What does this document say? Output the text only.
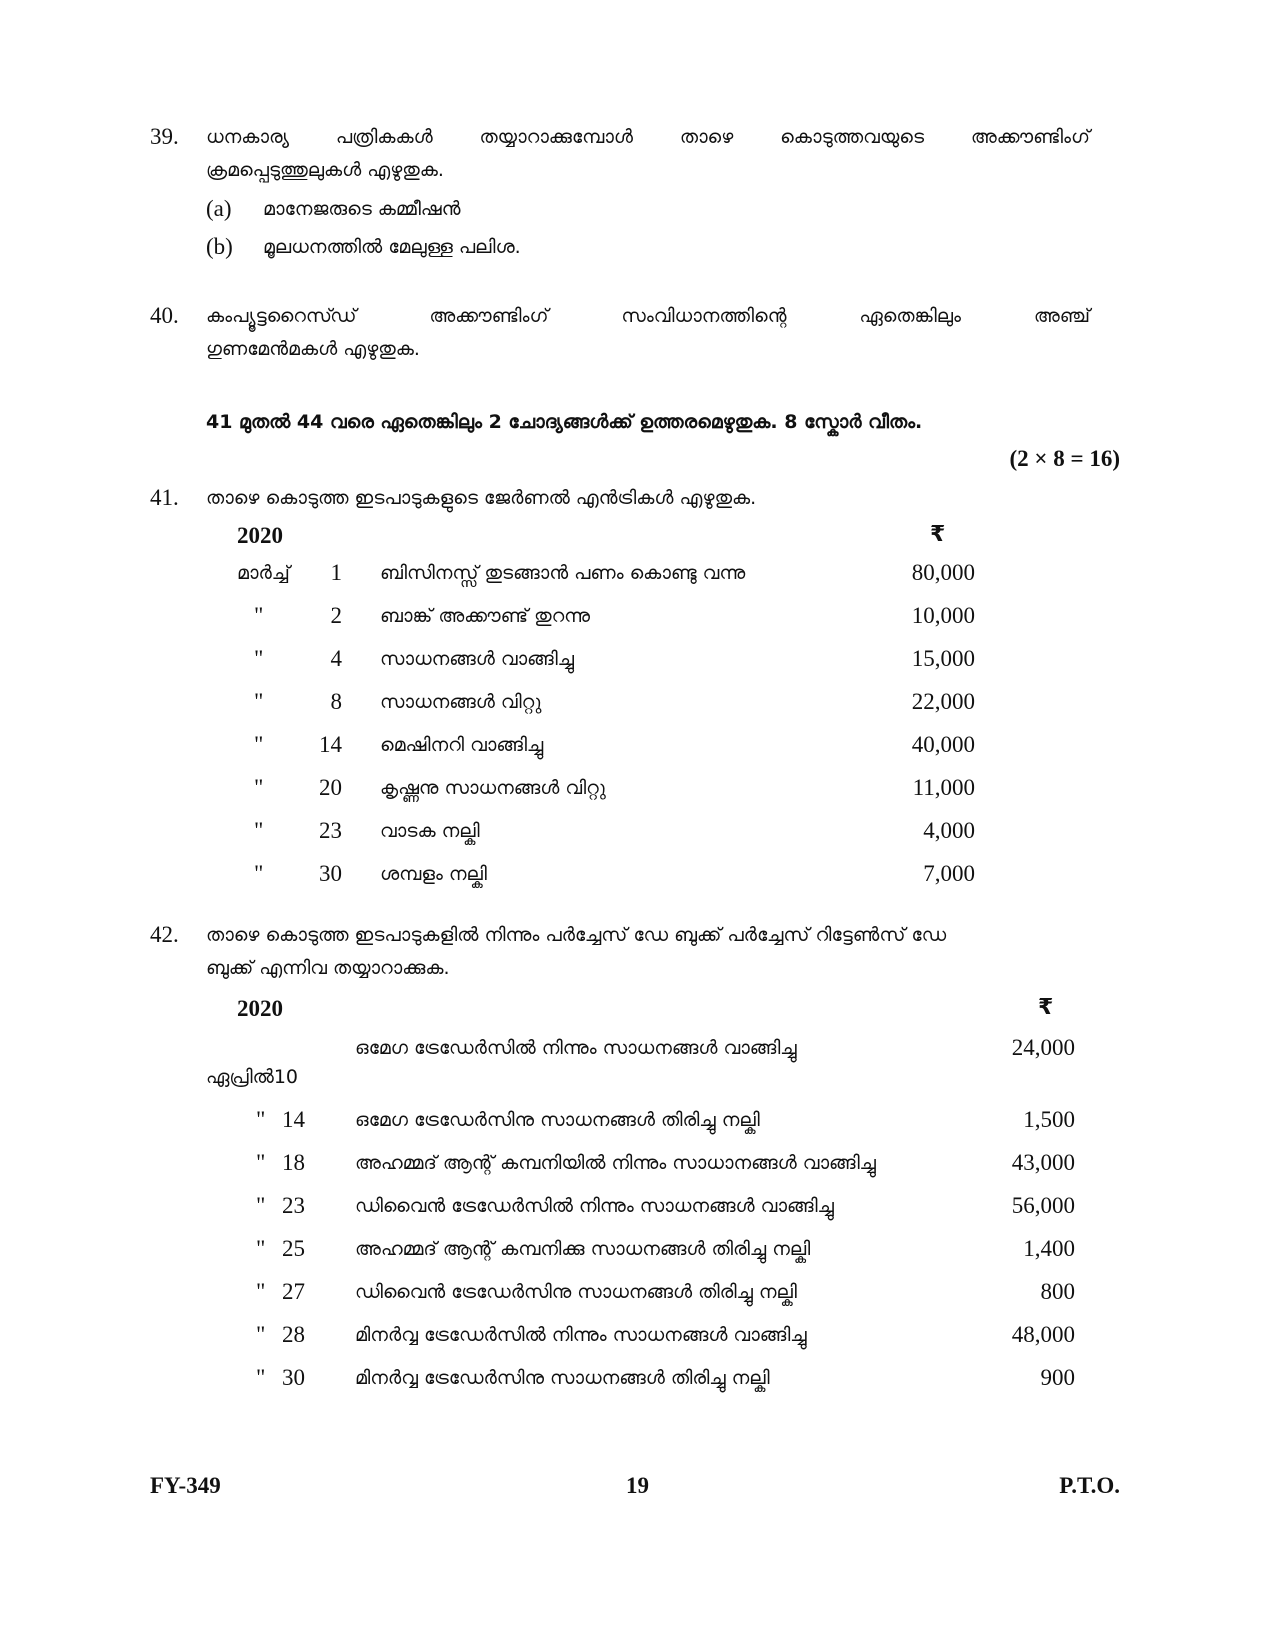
39. ധനകാര്യ പത്രികകൾ തയ്യാറാക്കുമ്പോൾ താഴെ കൊടുത്തവയുടെ അക്കൗണ്ടിംഗ്
ക്രമപ്പെടുത്തുലുകൾ എഴുതുക.
(a) മാനേജരുടെ കമ്മീഷൻ
(b) മൂലധനത്തിൽ മേലുള്ള പലിശ.
40. കംപ്യൂട്ടറൈസ്ഡ്	അക്കൗണ്ടിംഗ്	സംവിധാനത്തിന്റെ	ഏതെങ്കിലും	അഞ്ച്
ഗുണമേൻമകൾ എഴുതുക.
41 മുതൽ 44 വരെ ഏതെങ്കിലും 2 ചോദ്യങ്ങൾക്ക് ഉത്തരമെഴുതുക. 8 സ്കോർ വീതം.
(2 × 8 = 16)
41. താഴെ കൊടുത്ത ഇടപാടുകളുടെ ജേർണൽ എൻട്രികൾ എഴുതുക.
2020	₹
മാർച്ച്	1 ബിസിനസ്സ് തുടങ്ങാൻ പണം കൊണ്ടു വന്നു	80,000
"	2 ബാങ്ക് അക്കൗണ്ട് തുറന്നു	10,000
"	4 സാധനങ്ങൾ വാങ്ങിച്ചു	15,000
"	8 സാധനങ്ങൾ വിറ്റു	22,000
"	14 മെഷിനറി വാങ്ങിച്ചു	40,000
"	20 കൃഷ്ണനു സാധനങ്ങൾ വിറ്റു	11,000
"	23 വാടക നല്കി	4,000
"	30 ശമ്പളം നല്കി	7,000
42. താഴെ കൊടുത്ത ഇടപാടുകളിൽ നിന്നും പർച്ചേസ് ഡേ ബുക്ക് പർച്ചേസ് റിട്ടേൺസ് ഡേ
ബുക്ക് എന്നിവ തയ്യാറാക്കുക.
2020	₹
ഒമേഗ ട്രേഡേർസിൽ നിന്നും സാധനങ്ങൾ വാങ്ങിച്ചു	24,000
ഏപ്രിൽ10
" 14	ഒമേഗ ട്രേഡേർസിനു സാധനങ്ങൾ തിരിച്ചു നല്കി	1,500
" 18	അഹമ്മദ് ആന്റ് കമ്പനിയിൽ നിന്നും സാധാനങ്ങൾ വാങ്ങിച്ചു	43,000
" 23	ഡിവൈൻ ട്രേഡേർസിൽ നിന്നും സാധനങ്ങൾ വാങ്ങിച്ചു	56,000
" 25	അഹമ്മദ് ആന്റ് കമ്പനിക്കു സാധനങ്ങൾ തിരിച്ചു നല്കി	1,400
" 27	ഡിവൈൻ ട്രേഡേർസിനു സാധനങ്ങൾ തിരിച്ചു നല്കി	800
" 28	മിനർവ്വ ട്രേഡേർസിൽ നിന്നും സാധനങ്ങൾ വാങ്ങിച്ചു	48,000
" 30	മിനർവ്വ ട്രേഡേർസിനു സാധനങ്ങൾ തിരിച്ചു നല്കി	900
FY-349	19	P.T.O.
